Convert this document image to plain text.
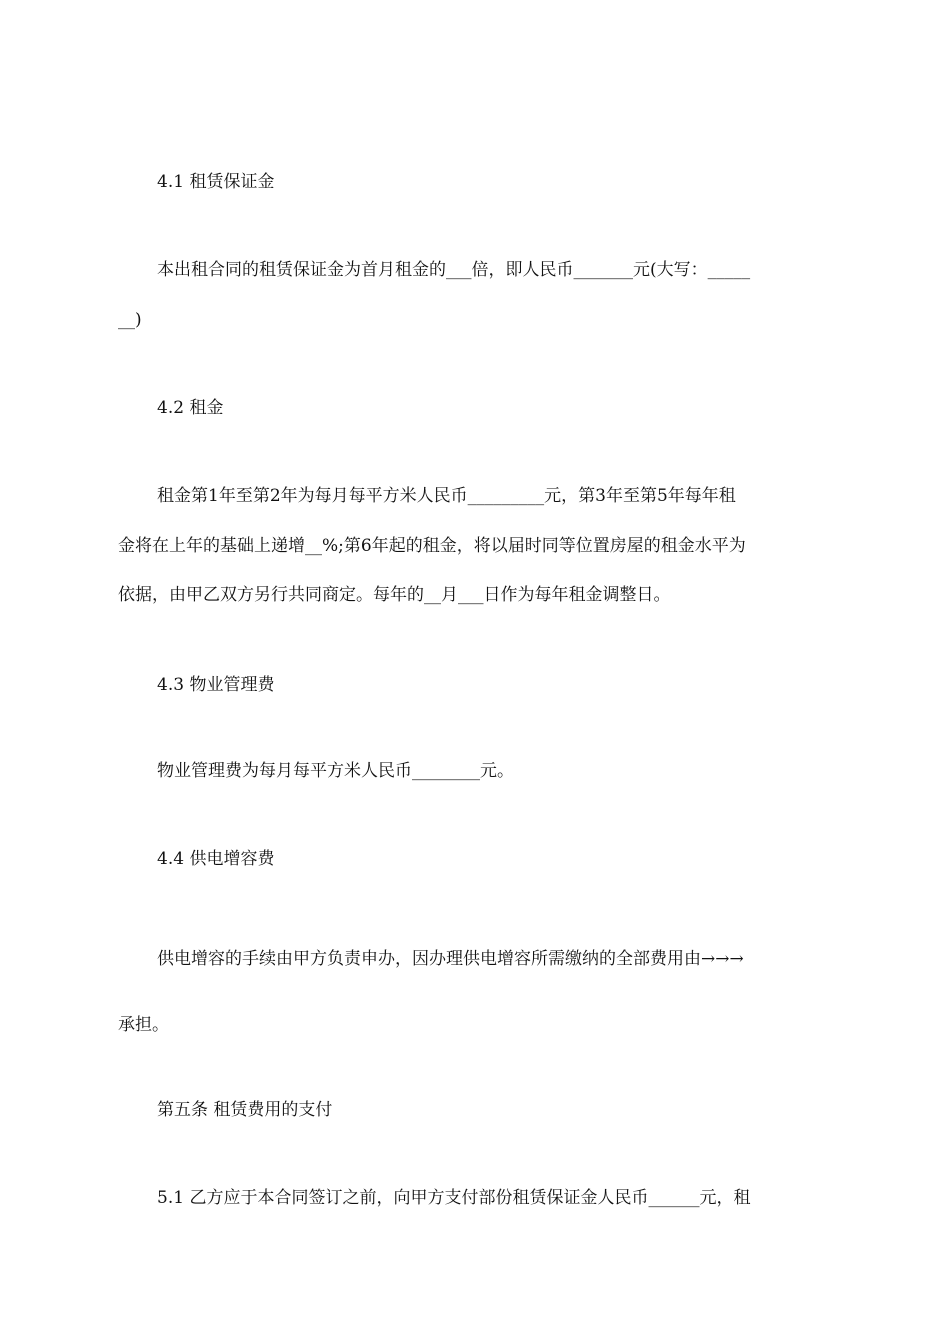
4.1 租赁保证金
本出租合同的租赁保证金为首月租金的___倍，即人民币_______元(大写：_____
__)
4.2 租金
租金第1年至第2年为每月每平方米人民币_________元，第3年至第5年每年租
金将在上年的基础上递增__%;第6年起的租金，将以届时同等位置房屋的租金水平为
依据，由甲乙双方另行共同商定。每年的__月___日作为每年租金调整日。
4.3 物业管理费
物业管理费为每月每平方米人民币________元。
4.4 供电增容费
供电增容的手续由甲方负责申办，因办理供电增容所需缴纳的全部费用由→→→
承担。
第五条 租赁费用的支付
5.1 乙方应于本合同签订之前，向甲方支付部份租赁保证金人民币______元，租
